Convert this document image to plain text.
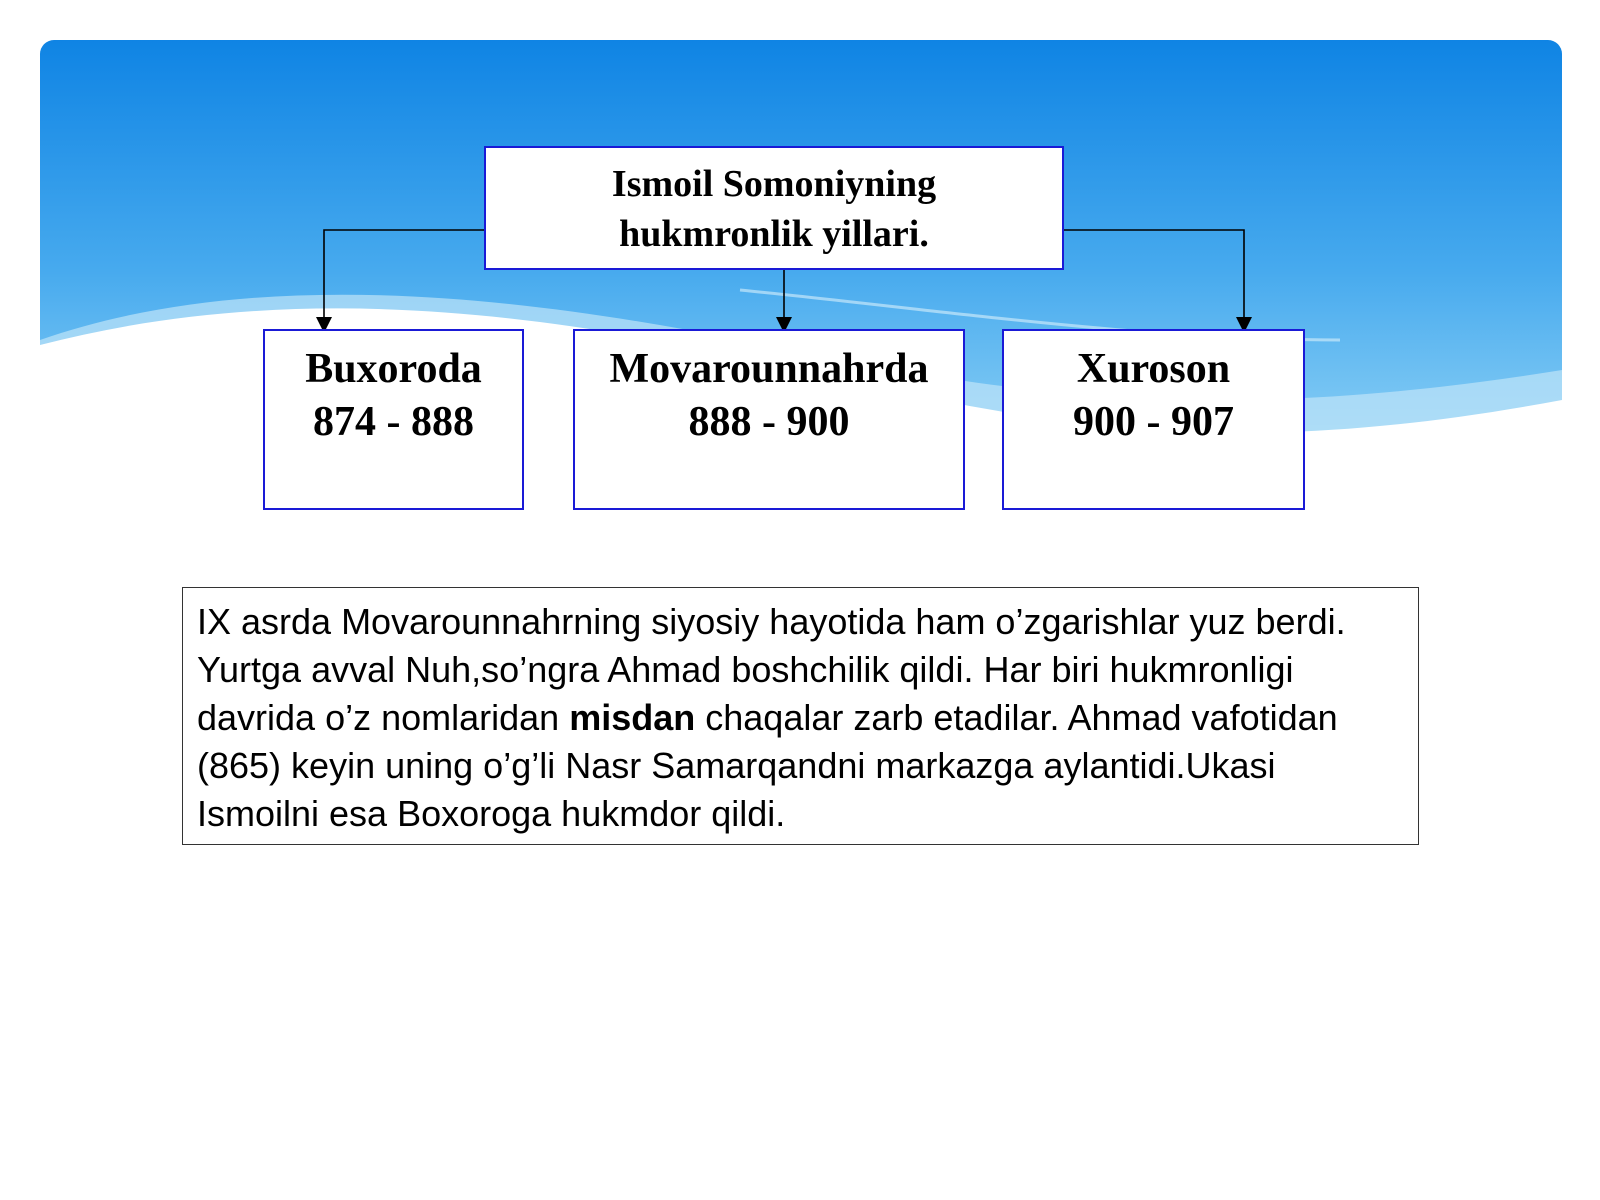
Ismoil Somoniyning
hukmronlik yillari.
Buxoroda
874 - 888
Movarounnahrda
888 - 900
Xuroson
900 - 907
IX asrda Movarounnahrning siyosiy hayotida ham o’zgarishlar yuz berdi. Yurtga avval Nuh,so’ngra Ahmad boshchilik qildi. Har biri hukmronligi davrida o’z nomlaridan misdan chaqalar zarb etadilar. Ahmad vafotidan (865) keyin uning o’g’li Nasr Samarqandni markazga aylantidi.Ukasi Ismoilni esa Boxoroga hukmdor qildi.
